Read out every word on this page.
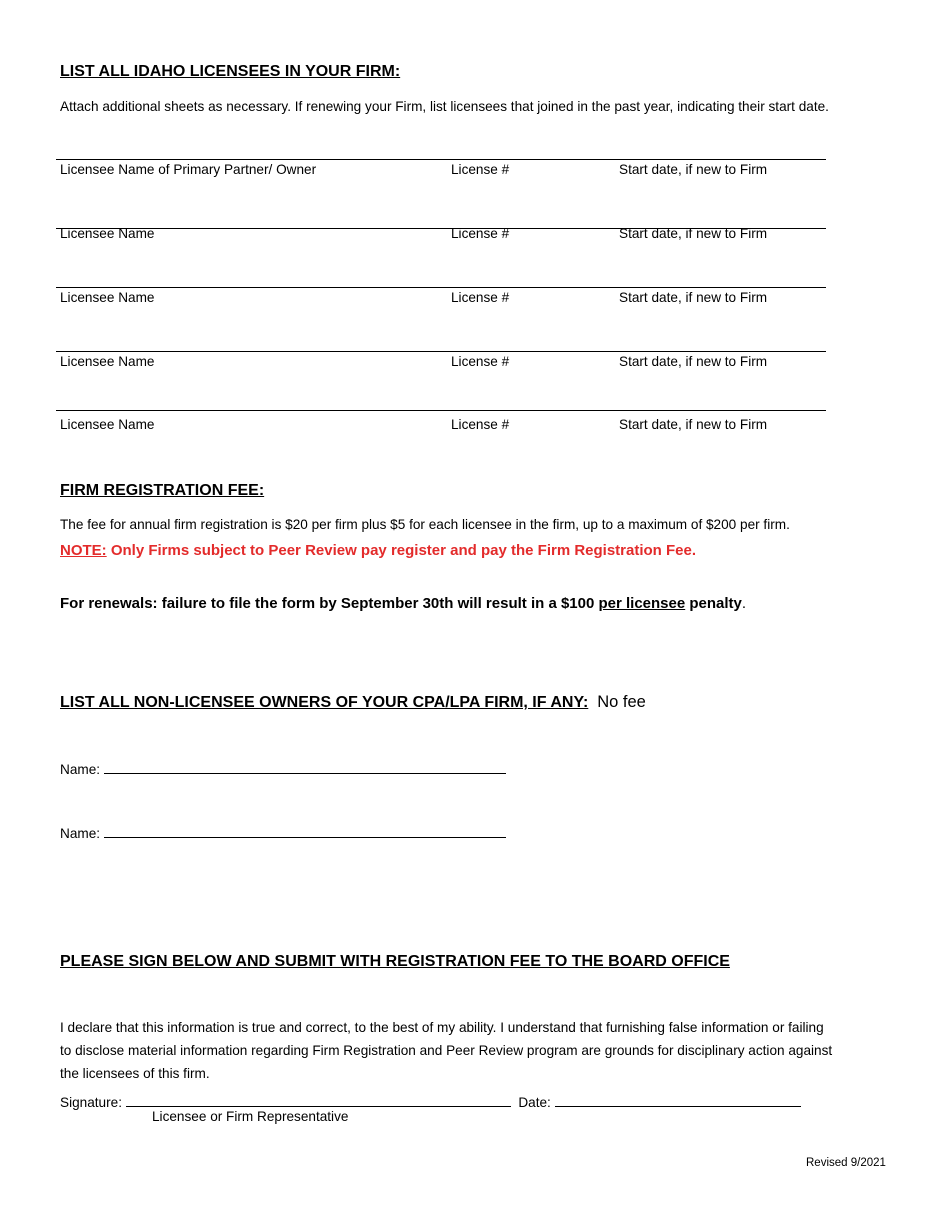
LIST ALL IDAHO LICENSEES IN YOUR FIRM:
Attach additional sheets as necessary. If renewing your Firm, list licensees that joined in the past year, indicating their start date.
Licensee Name of Primary Partner/ Owner	License #	Start date, if new to Firm
Licensee Name	License #	Start date, if new to Firm
Licensee Name	License #	Start date, if new to Firm
Licensee Name	License #	Start date, if new to Firm
Licensee Name	License #	Start date, if new to Firm
FIRM REGISTRATION FEE:
The fee for annual firm registration is $20 per firm plus $5 for each licensee in the firm, up to a maximum of $200 per firm.
NOTE: Only Firms subject to Peer Review pay register and pay the Firm Registration Fee.
For renewals: failure to file the form by September 30th will result in a $100 per licensee penalty.
LIST ALL NON-LICENSEE OWNERS OF YOUR CPA/LPA FIRM, IF ANY: No fee
Name:
Name:
PLEASE SIGN BELOW AND SUBMIT WITH REGISTRATION FEE TO THE BOARD OFFICE
I declare that this information is true and correct, to the best of my ability. I understand that furnishing false information or failing
to disclose material information regarding Firm Registration and Peer Review program are grounds for disciplinary action against
the licensees of this firm.
Signature:	Date:
Licensee or Firm Representative
Revised 9/2021
